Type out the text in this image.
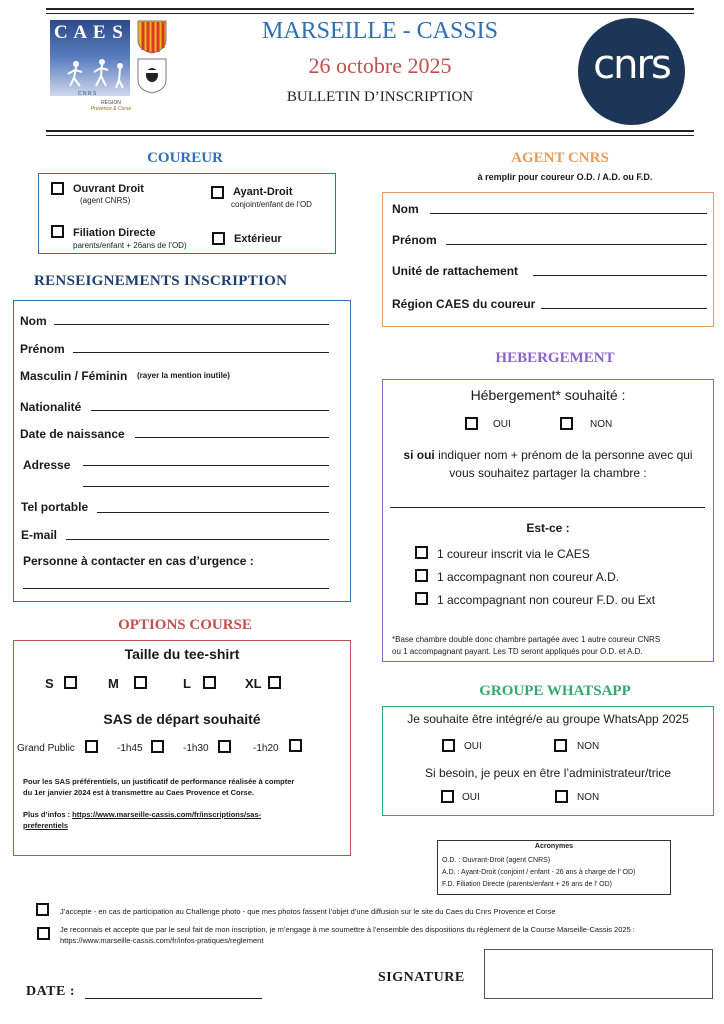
C A E S
C N R S
RÉGION
Provence & Corse
MARSEILLE - CASSIS
26 octobre 2025
BULLETIN D’INSCRIPTION
cnrs
COUREUR
Ouvrant Droit
(agent CNRS)
Ayant-Droit
conjoint/enfant de l’OD
Filiation Directe
parents/enfant + 26ans de l’OD)
Extérieur
AGENT CNRS
à remplir pour coureur O.D. / A.D. ou F.D.
Nom
Prénom
Unité de rattachement
Région CAES du coureur
RENSEIGNEMENTS INSCRIPTION
Nom
Prénom
Masculin / Féminin (rayer la mention inutile)
Nationalité
Date de naissance
Adresse
Tel portable
E-mail
Personne à contacter en cas d’urgence :
HEBERGEMENT
Hébergement* souhaité :
OUI	NON
si oui indiquer nom + prénom de la personne avec qui
vous souhaitez partager la chambre :
Est-ce :
1 coureur inscrit via le CAES
1 accompagnant non coureur A.D.
1 accompagnant non coureur F.D. ou Ext
*Base chambre double donc chambre partagée avec 1 autre coureur CNRS
ou 1 accompagnant payant. Les TD seront appliqués pour O.D. et A.D.
OPTIONS COURSE
Taille du tee-shirt
S	M	L	XL
SAS de départ souhaité
Grand Public	-1h45	-1h30	-1h20
Pour les SAS préférentiels, un justificatif de performance réalisée à compter
du 1er janvier 2024 est à transmettre au Caes Provence et Corse.
Plus d’infos : https://www.marseille-cassis.com/fr/inscriptions/sas-
preferentiels
GROUPE WHATSAPP
Je souhaite être intégré/e au groupe WhatsApp 2025
OUI	NON
Si besoin, je peux en être l’administrateur/trice
OUI	NON
Acronymes
O.D. : Ouvrant-Droit (agent CNRS)
A.D. : Ayant-Droit (conjoint / enfant - 26 ans à charge de l’ OD)
F.D. Filiation Directe (parents/enfant + 26 ans de l’ OD)
J’accepte - en cas de participation au Challenge photo - que mes photos fassent l’objet d’une diffusion sur le site du Caes du Cnrs Provence et Corse
Je reconnais et accepte que par le seul fait de mon inscription, je m’engage à me soumettre à l’ensemble des dispositions du règlement de la Course Marseille-Cassis 2025 :
https://www.marseille-cassis.com/fr/infos-pratiques/reglement
DATE :
SIGNATURE
